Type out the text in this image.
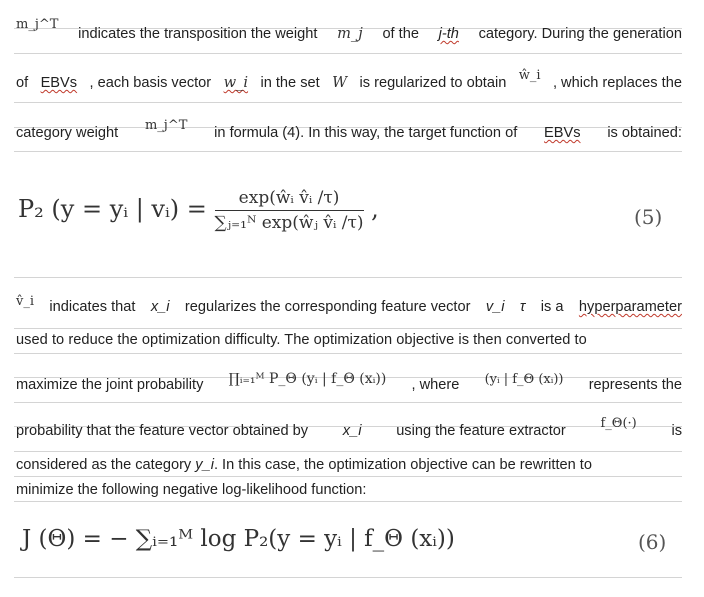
m_j^T
indicates the transposition the weight m_j of the j-th category. During the generation
of EBVs , each basis vector w_i in the set W is regularized to obtain ŵ_i , which replaces the
category weight m_j^T in formula (4). In this way, the target function of EBVs is obtained:
P₂ (y = yᵢ | vᵢ) = $\frac{\text{exp(ŵᵢ v̂ᵢ /τ)}}{\text{∑ⱼ₌₁ᴺ exp(ŵⱼ v̂ᵢ /τ)}}$ ,	(5)
v̂_i indicates that x_i regularizes the corresponding feature vector v_i τ is a hyperparameter
used to reduce the optimization difficulty. The optimization objective is then converted to
maximize the joint probability ∏ᵢ₌₁ᴹ P_Θ (yᵢ | f_Θ (xᵢ)) , where (yᵢ | f_Θ (xᵢ)) represents the
probability that the feature vector obtained by x_i using the feature extractor	f_Θ(·) is
considered as the category y_i. In this case, the optimization objective can be rewritten to
minimize the following negative log-likelihood function:
J (Θ) = − ∑ᵢ₌₁ᴹ log P₂(y = yᵢ | f_Θ (xᵢ))	(6)
